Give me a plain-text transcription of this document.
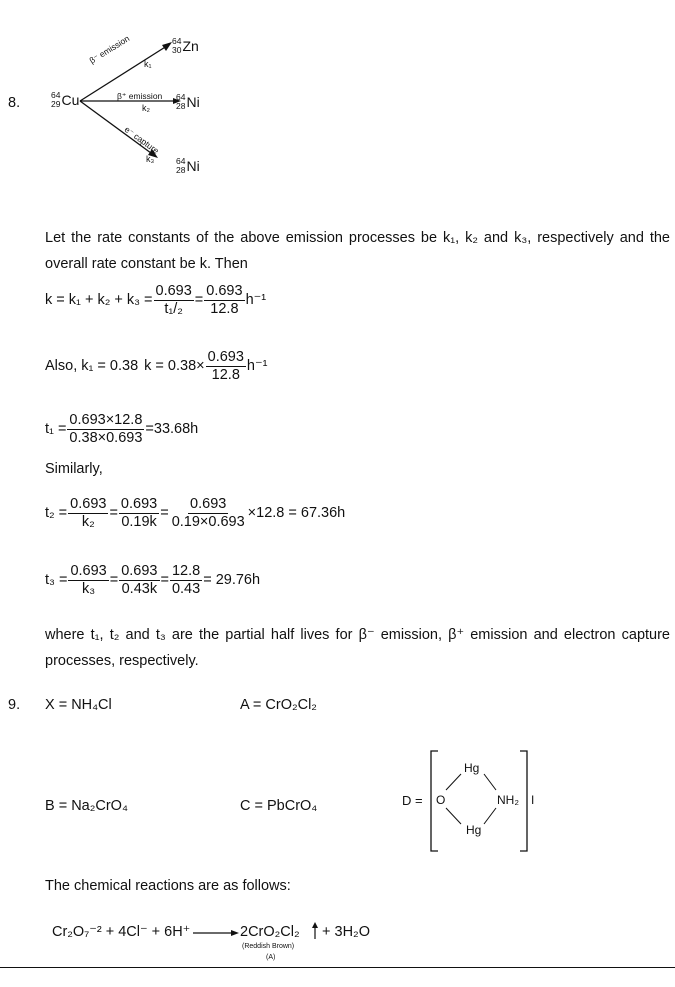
8.	64
29 Cu
β⁻ emission k₁
β⁺ emission
k₂
e⁻ capture
k₃
64
30 Zn
64
28 Ni
64
28 Ni
Let the rate constants of the above emission processes be k₁, k₂ and k₃, respectively and the overall rate constant be k. Then
$k = k_1 + k_2 + k_3 = \frac{0.693}{\text{t₁/₂}} = \frac{0.693}{12.8} h^{-1}$
Also, k₁ = 0.38 $k = 0.38\times \frac{0.693}{12.8} h^{-1}$
$t_1 = \frac{0.693\times 12.8}{0.38\times 0.693} =33.68h$
Similarly,
$t_2 = \frac{0.693}{\text{k₂}} = \frac{0.693}{0.19k} = \frac{0.693}{0.19\times 0.693} \times 12.8 = 67.36h$
$t_3 = \frac{0.693}{\text{k₃}} = \frac{0.693}{0.43k} = \frac{12.8}{0.43} = 29.76h$
where t₁, t₂ and t₃ are the partial half lives for β⁻ emission, β⁺ emission and electron capture processes, respectively.
9. X = NH₄Cl	A = CrO₂Cl₂
B = Na₂CrO₄	C = PbCrO₄	D = O
Hg
Hg
NH₂ I
The chemical reactions are as follows:
Cr₂O₇⁻² + 4Cl⁻ + 6H⁺ → 2CrO₂Cl₂ + 3H₂O
(Reddish Brown)
(A)
